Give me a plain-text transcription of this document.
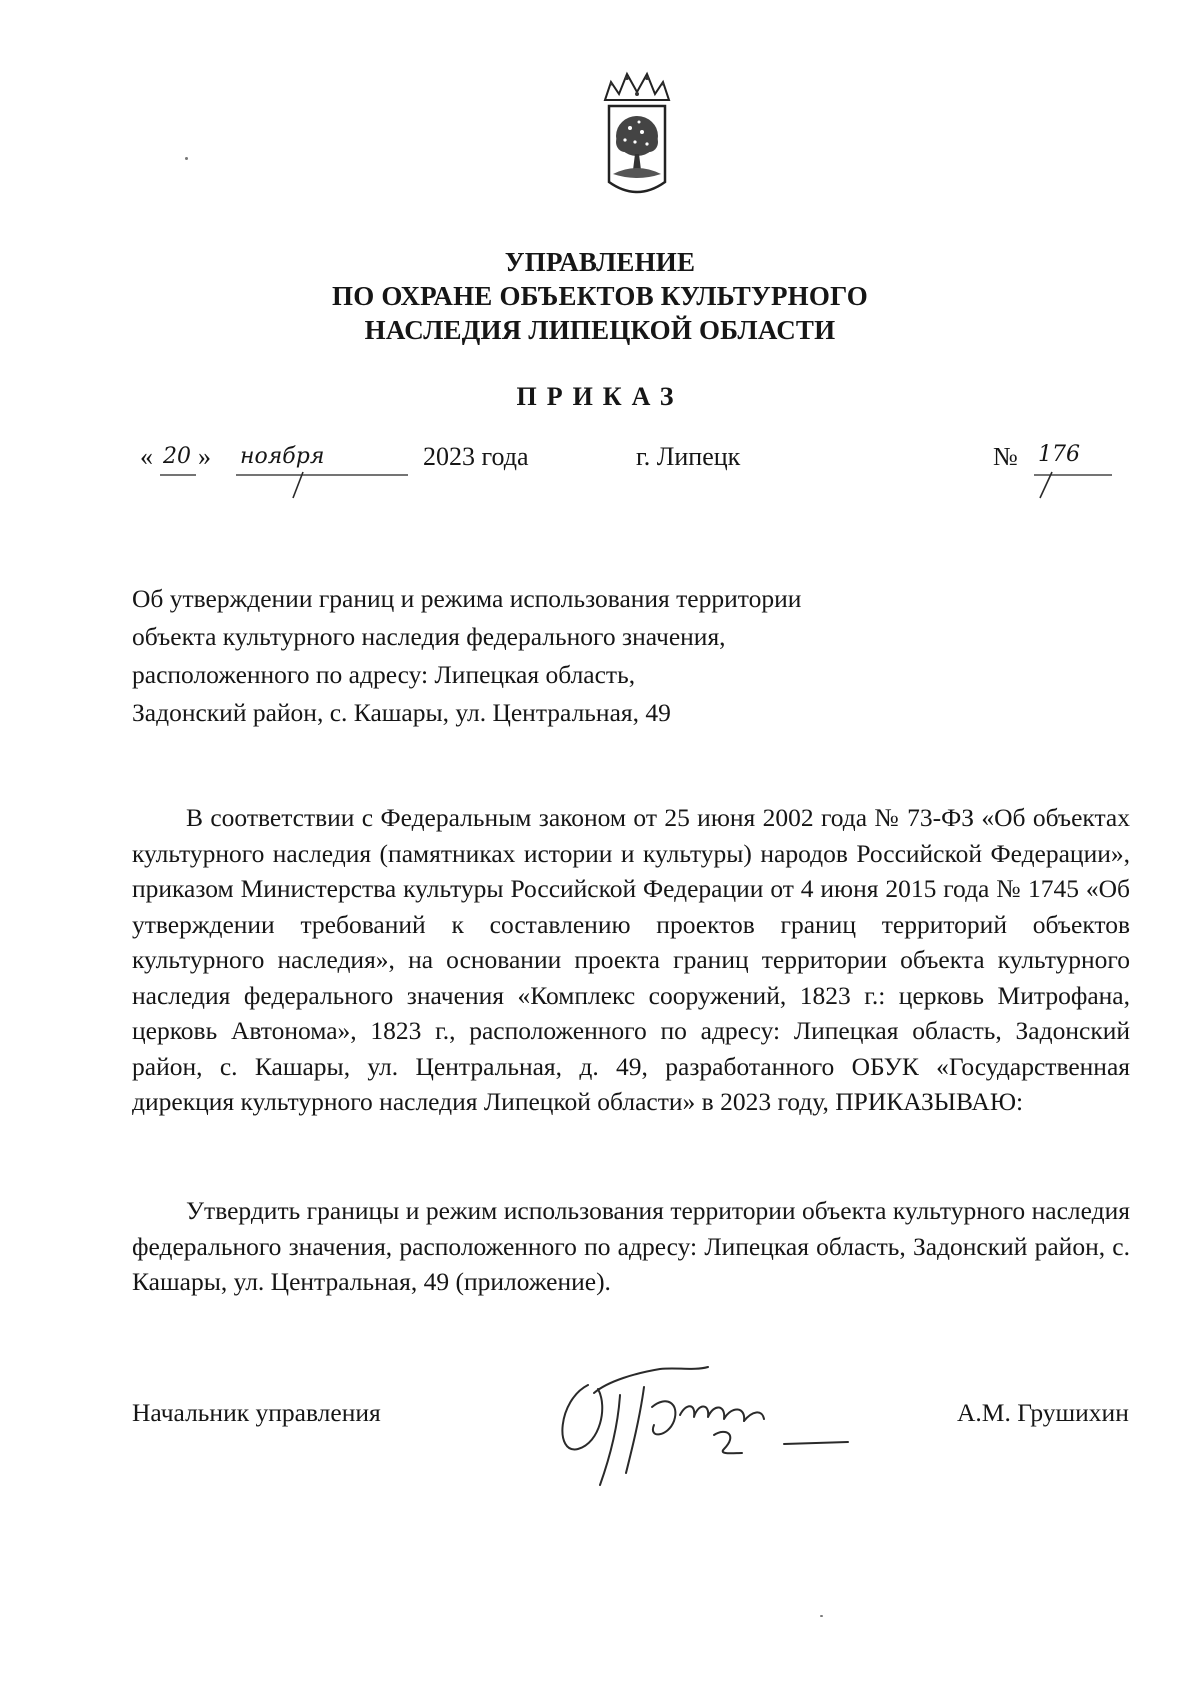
УПРАВЛЕНИЕ
ПО ОХРАНЕ ОБЪЕКТОВ КУЛЬТУРНОГО
НАСЛЕДИЯ ЛИПЕЦКОЙ ОБЛАСТИ
ПРИКАЗ
« 20 » ноября	2023 года	г. Липецк	№ 176
Об утверждении границ и режима использования территории
объекта культурного наследия федерального значения,
расположенного по адресу: Липецкая область,
Задонский район, с. Кашары, ул. Центральная, 49
В соответствии с Федеральным законом от 25 июня 2002 года № 73-ФЗ «Об объектах культурного наследия (памятниках истории и культуры) народов Российской Федерации», приказом Министерства культуры Российской Федерации от 4 июня 2015 года № 1745 «Об утверждении требований к составлению проектов границ территорий объектов культурного наследия», на основании проекта границ территории объекта культурного наследия федерального значения «Комплекс сооружений, 1823 г.: церковь Митрофана, церковь Автонома», 1823 г., расположенного по адресу: Липецкая область, Задонский район, с. Кашары, ул. Центральная, д. 49, разработанного ОБУК «Государственная дирекция культурного наследия Липецкой области» в 2023 году, ПРИКАЗЫВАЮ:
Утвердить границы и режим использования территории объекта культурного наследия федерального значения, расположенного по адресу: Липецкая область, Задонский район, с. Кашары, ул. Центральная, 49 (приложение).
Начальник управления	А.М. Грушихин
